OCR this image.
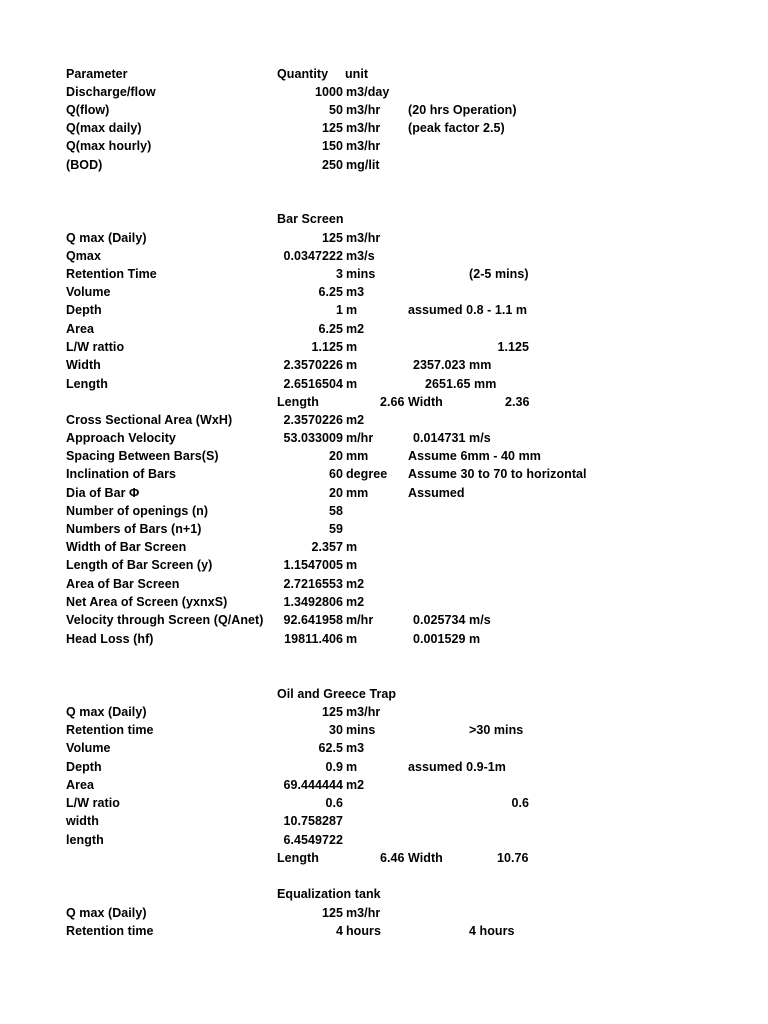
Parameter	Quantity unit
Discharge/flow	1000 m3/day
Q(flow)	50 m3/hr (20 hrs Operation)
Q(max daily)	125 m3/hr (peak factor 2.5)
Q(max hourly)	150 m3/hr
(BOD)	250 mg/lit
Bar Screen
Q max (Daily)	125 m3/hr
Qmax	0.0347222 m3/s
Retention Time	3 mins	(2-5 mins)
Volume	6.25 m3
Depth	1 m	assumed 0.8 - 1.1 m
Area	6.25 m2
L/W rattio	1.125 m	1.125
Width	2.3570226 m	2357.023 mm
Length	2.6516504 m	2651.65 mm
Length	2.66 Width	2.36
Cross Sectional Area (WxH)	2.3570226 m2
Approach Velocity	53.033009 m/hr	0.014731 m/s
Spacing Between Bars(S)	20 mm	Assume 6mm - 40 mm
Inclination of Bars	60 degree Assume 30 to 70 to horizontal
Dia of Bar Φ	20 mm	Assumed
Number of openings (n)	58
Numbers of Bars (n+1)	59
Width of Bar Screen	2.357 m
Length of Bar Screen (y)	1.1547005 m
Area of Bar Screen	2.7216553 m2
Net Area of Screen (yxnxS)	1.3492806 m2
Velocity through Screen (Q/Anet) 92.641958 m/hr	0.025734 m/s
Head Loss (hf)	19811.406 m	0.001529 m
Oil and Greece Trap
Q max (Daily)	125 m3/hr
Retention time	30 mins	>30 mins
Volume	62.5 m3
Depth	0.9 m	assumed 0.9-1m
Area	69.444444 m2
L/W ratio	0.6	0.6
width	10.758287
length	6.4549722
Length	6.46 Width	10.76
Equalization tank
Q max (Daily)	125 m3/hr
Retention time	4 hours	4 hours
